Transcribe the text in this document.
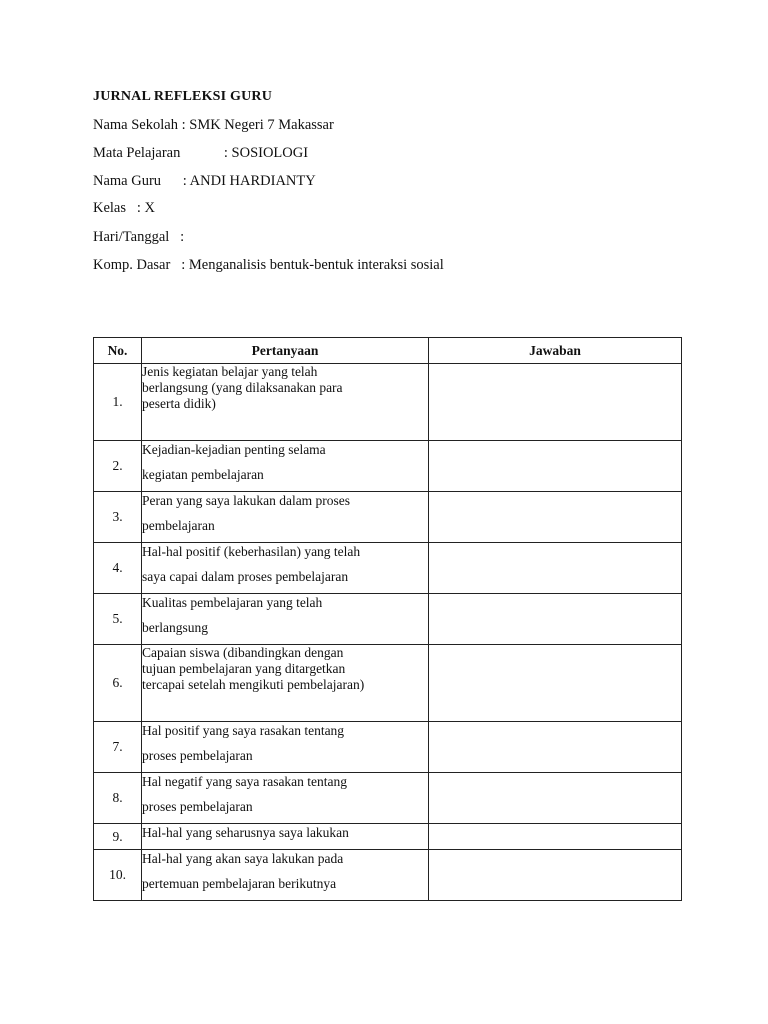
JURNAL REFLEKSI GURU
Nama Sekolah : SMK Negeri 7 Makassar
Mata Pelajaran            : SOSIOLOGI
Nama Guru      : ANDI HARDIANTY
Kelas   : X
Hari/Tanggal   :
Komp. Dasar   : Menganalisis bentuk-bentuk interaksi sosial
No.	Pertanyaan	Jawaban
1.	Jenis kegiatan belajar yang telah
berlangsung (yang dilaksanakan para
peserta didik)	

2.	Kejadian-kejadian penting selama
kegiatan pembelajaran	

3.	Peran yang saya lakukan dalam proses
pembelajaran	

4.	Hal-hal positif (keberhasilan) yang telah
saya capai dalam proses pembelajaran	

5.	Kualitas pembelajaran yang telah
berlangsung	

6.	Capaian siswa (dibandingkan dengan
tujuan pembelajaran yang ditargetkan
tercapai setelah mengikuti pembelajaran)	

7.	Hal positif yang saya rasakan tentang
proses pembelajaran	

8.	Hal negatif yang saya rasakan tentang
proses pembelajaran	

9.	Hal-hal yang seharusnya saya lakukan	

10.	Hal-hal yang akan saya lakukan pada
pertemuan pembelajaran berikutnya	
